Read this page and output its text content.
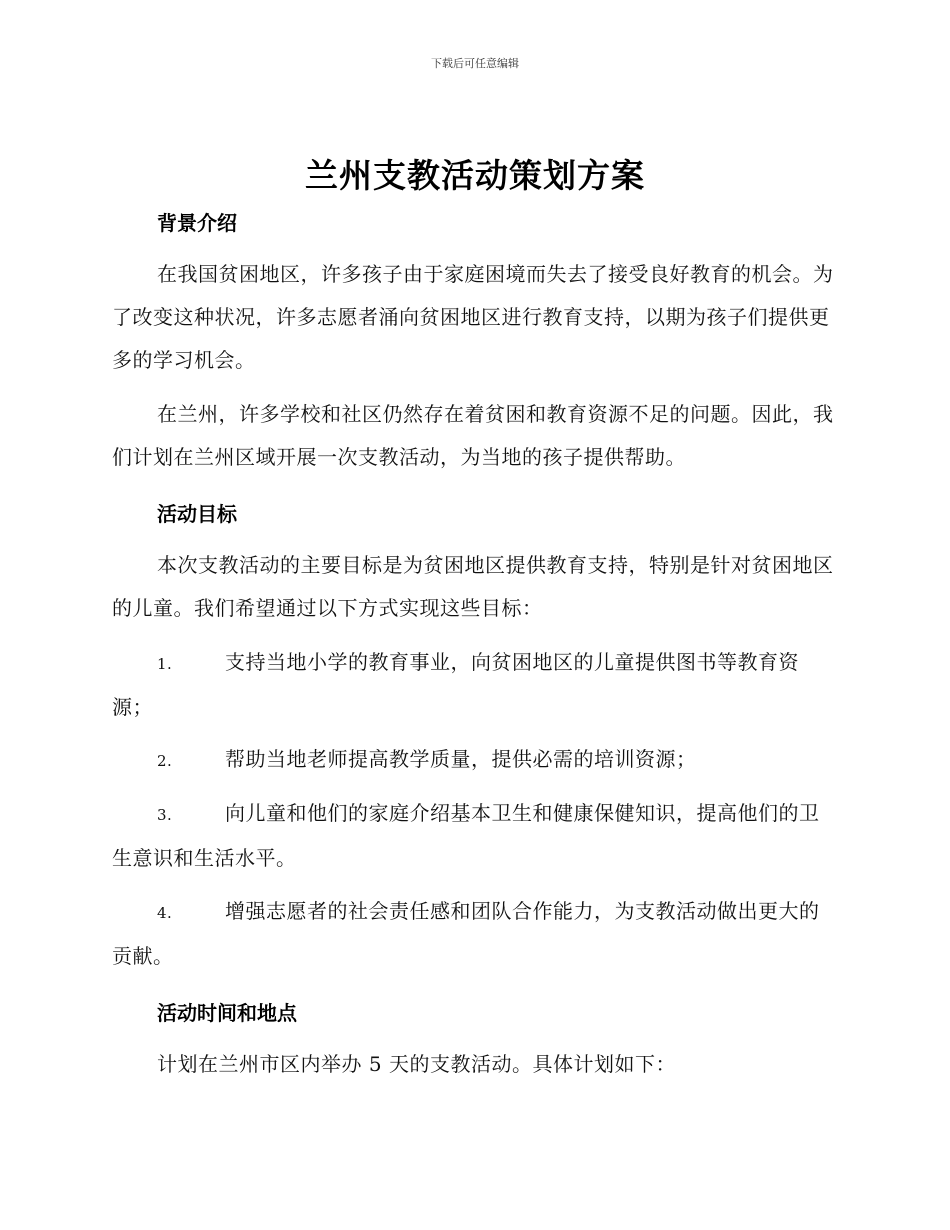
下载后可任意编辑
兰州支教活动策划方案
背景介绍

在我国贫困地区，许多孩子由于家庭困境而失去了接受良好教育的机会。为了改变这种状况，许多志愿者涌向贫困地区进行教育支持，以期为孩子们提供更多的学习机会。

在兰州，许多学校和社区仍然存在着贫困和教育资源不足的问题。因此，我们计划在兰州区域开展一次支教活动，为当地的孩子提供帮助。

活动目标

本次支教活动的主要目标是为贫困地区提供教育支持，特别是针对贫困地区的儿童。我们希望通过以下方式实现这些目标：

1.	支持当地小学的教育事业，向贫困地区的儿童提供图书等教育资源；
2.	帮助当地老师提高教学质量，提供必需的培训资源；
3.	向儿童和他们的家庭介绍基本卫生和健康保健知识，提高他们的卫生意识和生活水平。
4.	增强志愿者的社会责任感和团队合作能力，为支教活动做出更大的贡献。
活动时间和地点

计划在兰州市区内举办 5 天的支教活动。具体计划如下：
